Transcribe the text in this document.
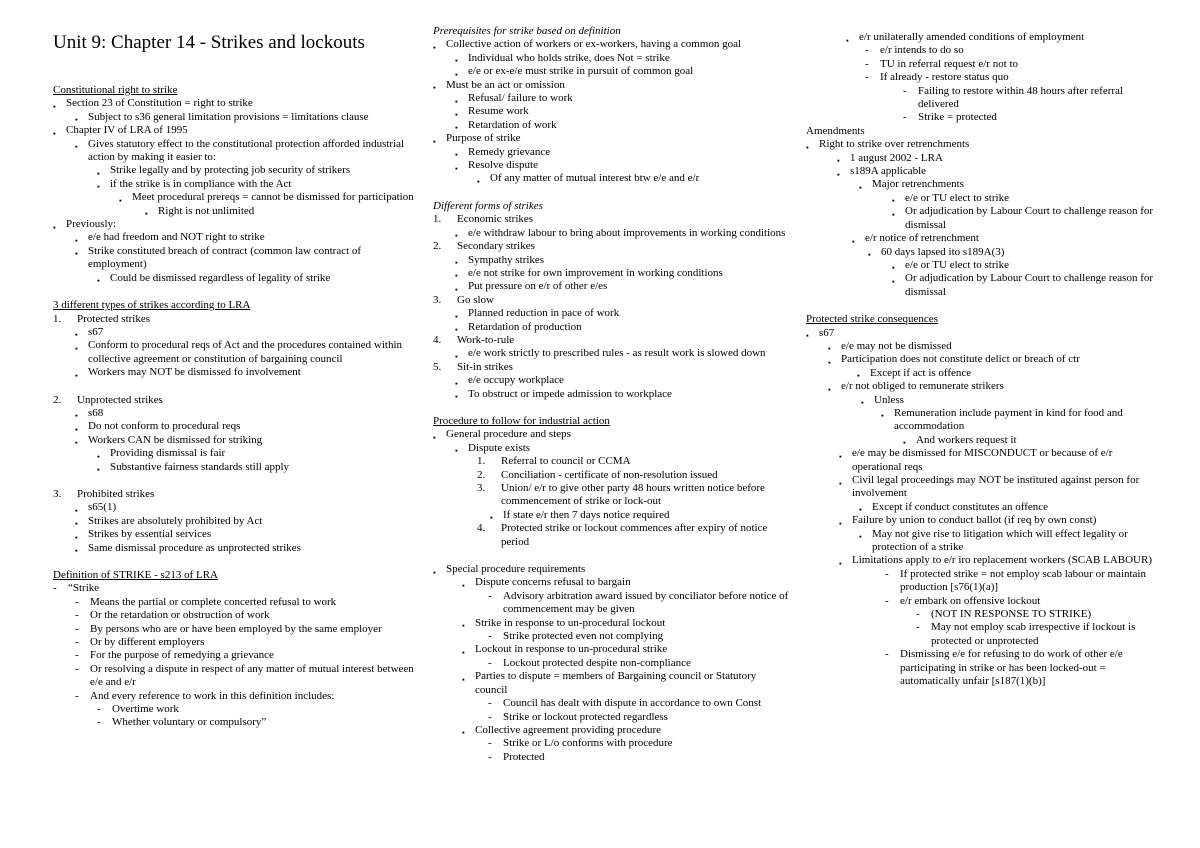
Unit 9: Chapter 14 - Strikes and lockouts
Constitutional right to strike
▪ Section 23 of Constitution = right to strike
▪ Subject to s36 general limitation provisions = limitations clause
▪ Chapter IV of LRA of 1995
▪ Gives statutory effect to the constitutional protection afforded industrial action by making it easier to:
▪ Strike legally and by protecting job security of strikers
▪ if the strike is in compliance with the Act
▪ Meet procedural prereqs = cannot be dismissed for participation
▪ Right is not unlimited
▪ Previously:
▪ e/e had freedom and NOT right to strike
▪ Strike constituted breach of contract (common law contract of employment)
▪ Could be dismissed regardless of legality of strike
3 different types of strikes according to LRA
1. Protected strikes
▪ s67
▪ Conform to procedural reqs of Act and the procedures contained within collective agreement or constitution of bargaining council
▪ Workers may NOT be dismissed fo involvement
2. Unprotected strikes
▪ s68
▪ Do not conform to procedural reqs
▪ Workers CAN be dismissed for striking
▪ Providing dismissal is fair
▪ Substantive fairness standards still apply
3. Prohibited strikes
▪ s65(1)
▪ Strikes are absolutely prohibited by Act
▪ Strikes by essential services
▪ Same dismissal procedure as unprotected strikes
Definition of STRIKE - s213 of LRA
- “Strike
- Means the partial or complete concerted refusal to work
- Or the retardation or obstruction of work
- By persons who are or have been employed by the same employer
- Or by different employers
- For the purpose of remedying a grievance
- Or resolving a dispute in respect of any matter of mutual interest between e/e and e/r
- And every reference to work in this definition includes:
- Overtime work
- Whether voluntary or compulsory”
Prerequisites for strike based on definition
▪ Collective action of workers or ex-workers, having a common goal
▪ Individual who holds strike, does Not = strike
▪ e/e or ex-e/e must strike in pursuit of common goal
▪ Must be an act or omission
▪ Refusal/ failure to work
▪ Resume work
▪ Retardation of work
▪ Purpose of strike
▪ Remedy grievance
▪ Resolve dispute
▪ Of any matter of mutual interest btw e/e and e/r
Different forms of strikes
1. Economic strikes
▪ e/e withdraw labour to bring about improvements in working conditions
2. Secondary strikes
▪ Sympathy strikes
▪ e/e not strike for own improvement in working conditions
▪ Put pressure on e/r of other e/es
3. Go slow
▪ Planned reduction in pace of work
▪ Retardation of production
4. Work-to-rule
▪ e/e work strictly to prescribed rules - as result work is slowed down
5. Sit-in strikes
▪ e/e occupy workplace
▪ To obstruct or impede admission to workplace
Procedure to follow for industrial action
▪ General procedure and steps
▪ Dispute exists
1. Referral to council or CCMA
2. Conciliation - certificate of non-resolution issued
3. Union/ e/r to give other party 48 hours written notice before commencement of strike or lock-out
▪ If state e/r then 7 days notice required
4. Protected strike or lockout commences after expiry of notice period
▪ Special procedure requirements
▪ Dispute concerns refusal to bargain
- Advisory arbitration award issued by conciliator before notice of commencement may be given
▪ Strike in response to un-procedural lockout
- Strike protected even not complying
▪ Lockout in response to un-procedural strike
- Lockout protected despite non-compliance
▪ Parties to dispute = members of Bargaining council or Statutory council
- Council has dealt with dispute in accordance to own Const
- Strike or lockout protected regardless
▪ Collective agreement providing procedure
- Strike or L/o conforms with procedure
- Protected
▪ e/r unilaterally amended conditions of employment
- e/r intends to do so
- TU in referral request e/r not to
- If already - restore status quo
- Failing to restore within 48 hours after referral delivered
- Strike = protected
Amendments
▪ Right to strike over retrenchments
▪ 1 august 2002 - LRA
▪ s189A applicable
▪ Major retrenchments
▪ e/e or TU elect to strike
▪ Or adjudication by Labour Court to challenge reason for dismissal
▪ e/r notice of retrenchment
▪ 60 days lapsed ito s189A(3)
▪ e/e or TU elect to strike
▪ Or adjudication by Labour Court to challenge reason for dismissal
Protected strike consequences
▪ s67
▪ e/e may not be dismissed
▪ Participation does not constitute delict or breach of ctr
▪ Except if act is offence
▪ e/r not obliged to remunerate strikers
▪ Unless
▪ Remuneration include payment in kind for food and accommodation
▪ And workers request it
▪ e/e may be dismissed for MISCONDUCT or because of e/r operational reqs
▪ Civil legal proceedings may NOT be instituted against person for involvement
▪ Except if conduct constitutes an offence
▪ Failure by union to conduct ballot (if req by own const)
▪ May not give rise to litigation which will effect legality or protection of a strike
▪ Limitations apply to e/r iro replacement workers (SCAB LABOUR)
- If protected strike = not employ scab labour or maintain production [s76(1)(a)]
- e/r embark on offensive lockout
- (NOT IN RESPONSE TO STRIKE)
- May not employ scab irrespective if lockout is protected or unprotected
- Dismissing e/e for refusing to do work of other e/e participating in strike or has been locked-out = automatically unfair [s187(1)(b)]
